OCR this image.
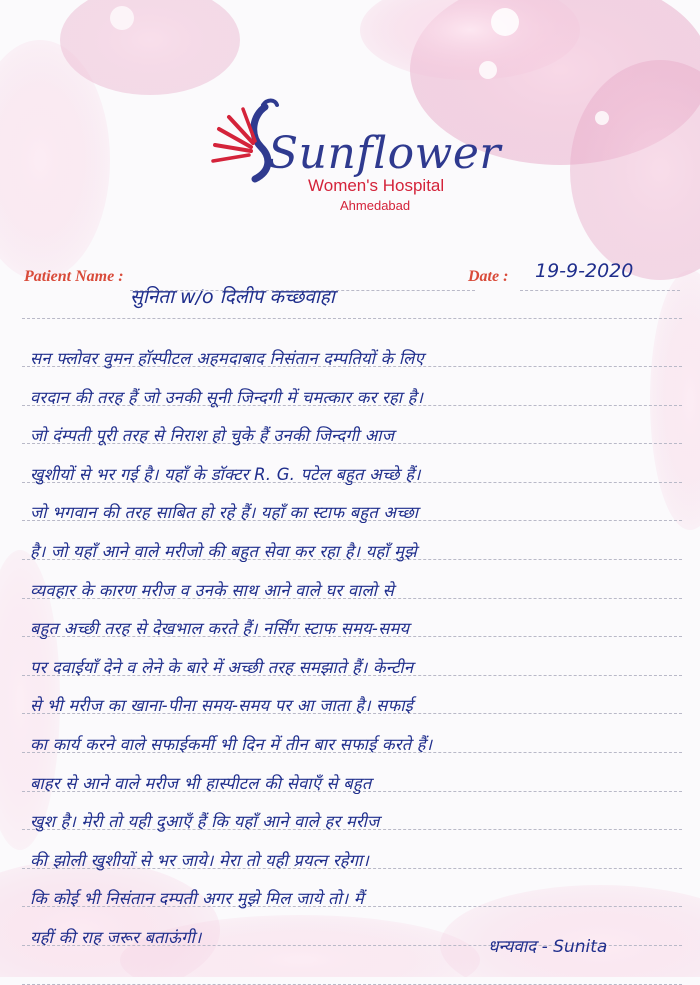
Sunflower
Women's Hospital
Ahmedabad
Patient Name :
सुनिता w/o दिलीप कच्छवाहा
Date : 19-9-2020
सन फ्लोवर वुमन हॉस्पीटल अहमदाबाद निसंतान दम्पतियों के लिए
वरदान की तरह हैं जो उनकी सूनी जिन्दगी में चमत्कार कर रहा है।
जो दंम्पती पूरी तरह से निराश हो चुके हैं उनकी जिन्दगी आज
खुशीयों से भर गई है। यहाँ के डॉक्टर R. G. पटेल बहुत अच्छे हैं।
जो भगवान की तरह साबित हो रहे हैं। यहाँ का स्टाफ बहुत अच्छा
है। जो यहाँ आने वाले मरीजो की बहुत सेवा कर रहा है। यहाँ मुझे
व्यवहार के कारण मरीज व उनके साथ आने वाले घर वालो से
बहुत अच्छी तरह से देखभाल करते हैं। नर्सिंग स्टाफ समय-समय
पर दवाईयाँ देने व लेने के बारे में अच्छी तरह समझाते हैं। केन्टीन
से भी मरीज का खाना-पीना समय-समय पर आ जाता है। सफाई
का कार्य करने वाले सफाईकर्मी भी दिन में तीन बार सफाई करते हैं।
बाहर से आने वाले मरीज भी हास्पीटल की सेवाएँ से बहुत
खुश है। मेरी तो यही दुआएँ हैं कि यहाँ आने वाले हर मरीज
की झोली खुशीयों से भर जाये। मेरा तो यही प्रयत्न रहेगा।
कि कोई भी निसंतान दम्पती अगर मुझे मिल जाये तो। मैं
यहीं की राह जरूर बताऊंगी।	धन्यवाद - Sunita
